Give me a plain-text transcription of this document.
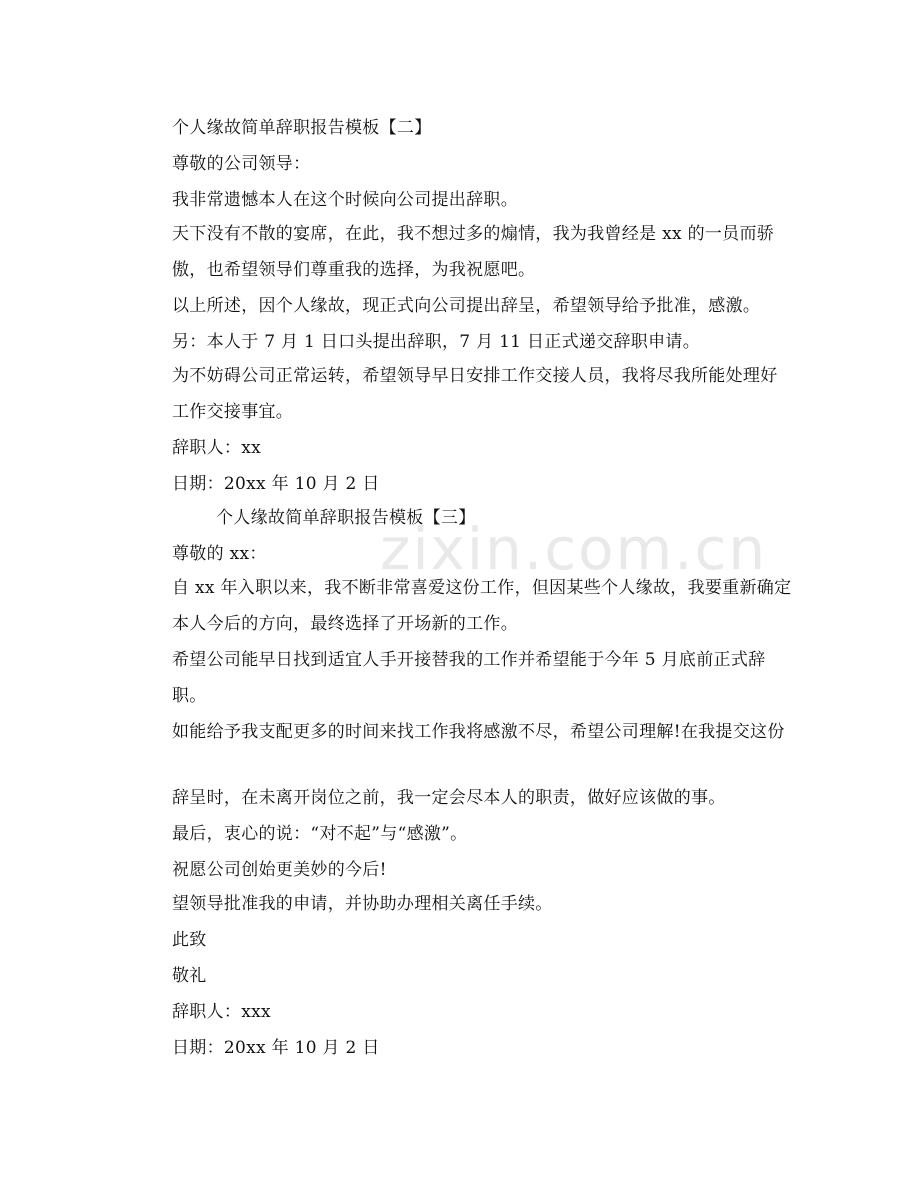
zixin.com.cn
个人缘故简单辞职报告模板【二】
尊敬的公司领导：
我非常遗憾本人在这个时候向公司提出辞职。
天下没有不散的宴席，在此，我不想过多的煽情，我为我曾经是 xx 的一员而骄傲，也希望领导们尊重我的选择，为我祝愿吧。
以上所述，因个人缘故，现正式向公司提出辞呈，希望领导给予批准，感激。
另：本人于 7 月 1 日口头提出辞职，7 月 11 日正式递交辞职申请。
为不妨碍公司正常运转，希望领导早日安排工作交接人员，我将尽我所能处理好工作交接事宜。
辞职人：xx
日期：20xx 年 10 月 2 日
个人缘故简单辞职报告模板【三】
尊敬的 xx：
自 xx 年入职以来，我不断非常喜爱这份工作，但因某些个人缘故，我要重新确定本人今后的方向，最终选择了开场新的工作。
希望公司能早日找到适宜人手开接替我的工作并希望能于今年 5 月底前正式辞职。
如能给予我支配更多的时间来找工作我将感激不尽，希望公司理解!在我提交这份
辞呈时，在未离开岗位之前，我一定会尽本人的职责，做好应该做的事。
最后，衷心的说：“对不起”与“感激”。
祝愿公司创始更美妙的今后!
望领导批准我的申请，并协助办理相关离任手续。
此致
敬礼
辞职人：xxx
日期：20xx 年 10 月 2 日
